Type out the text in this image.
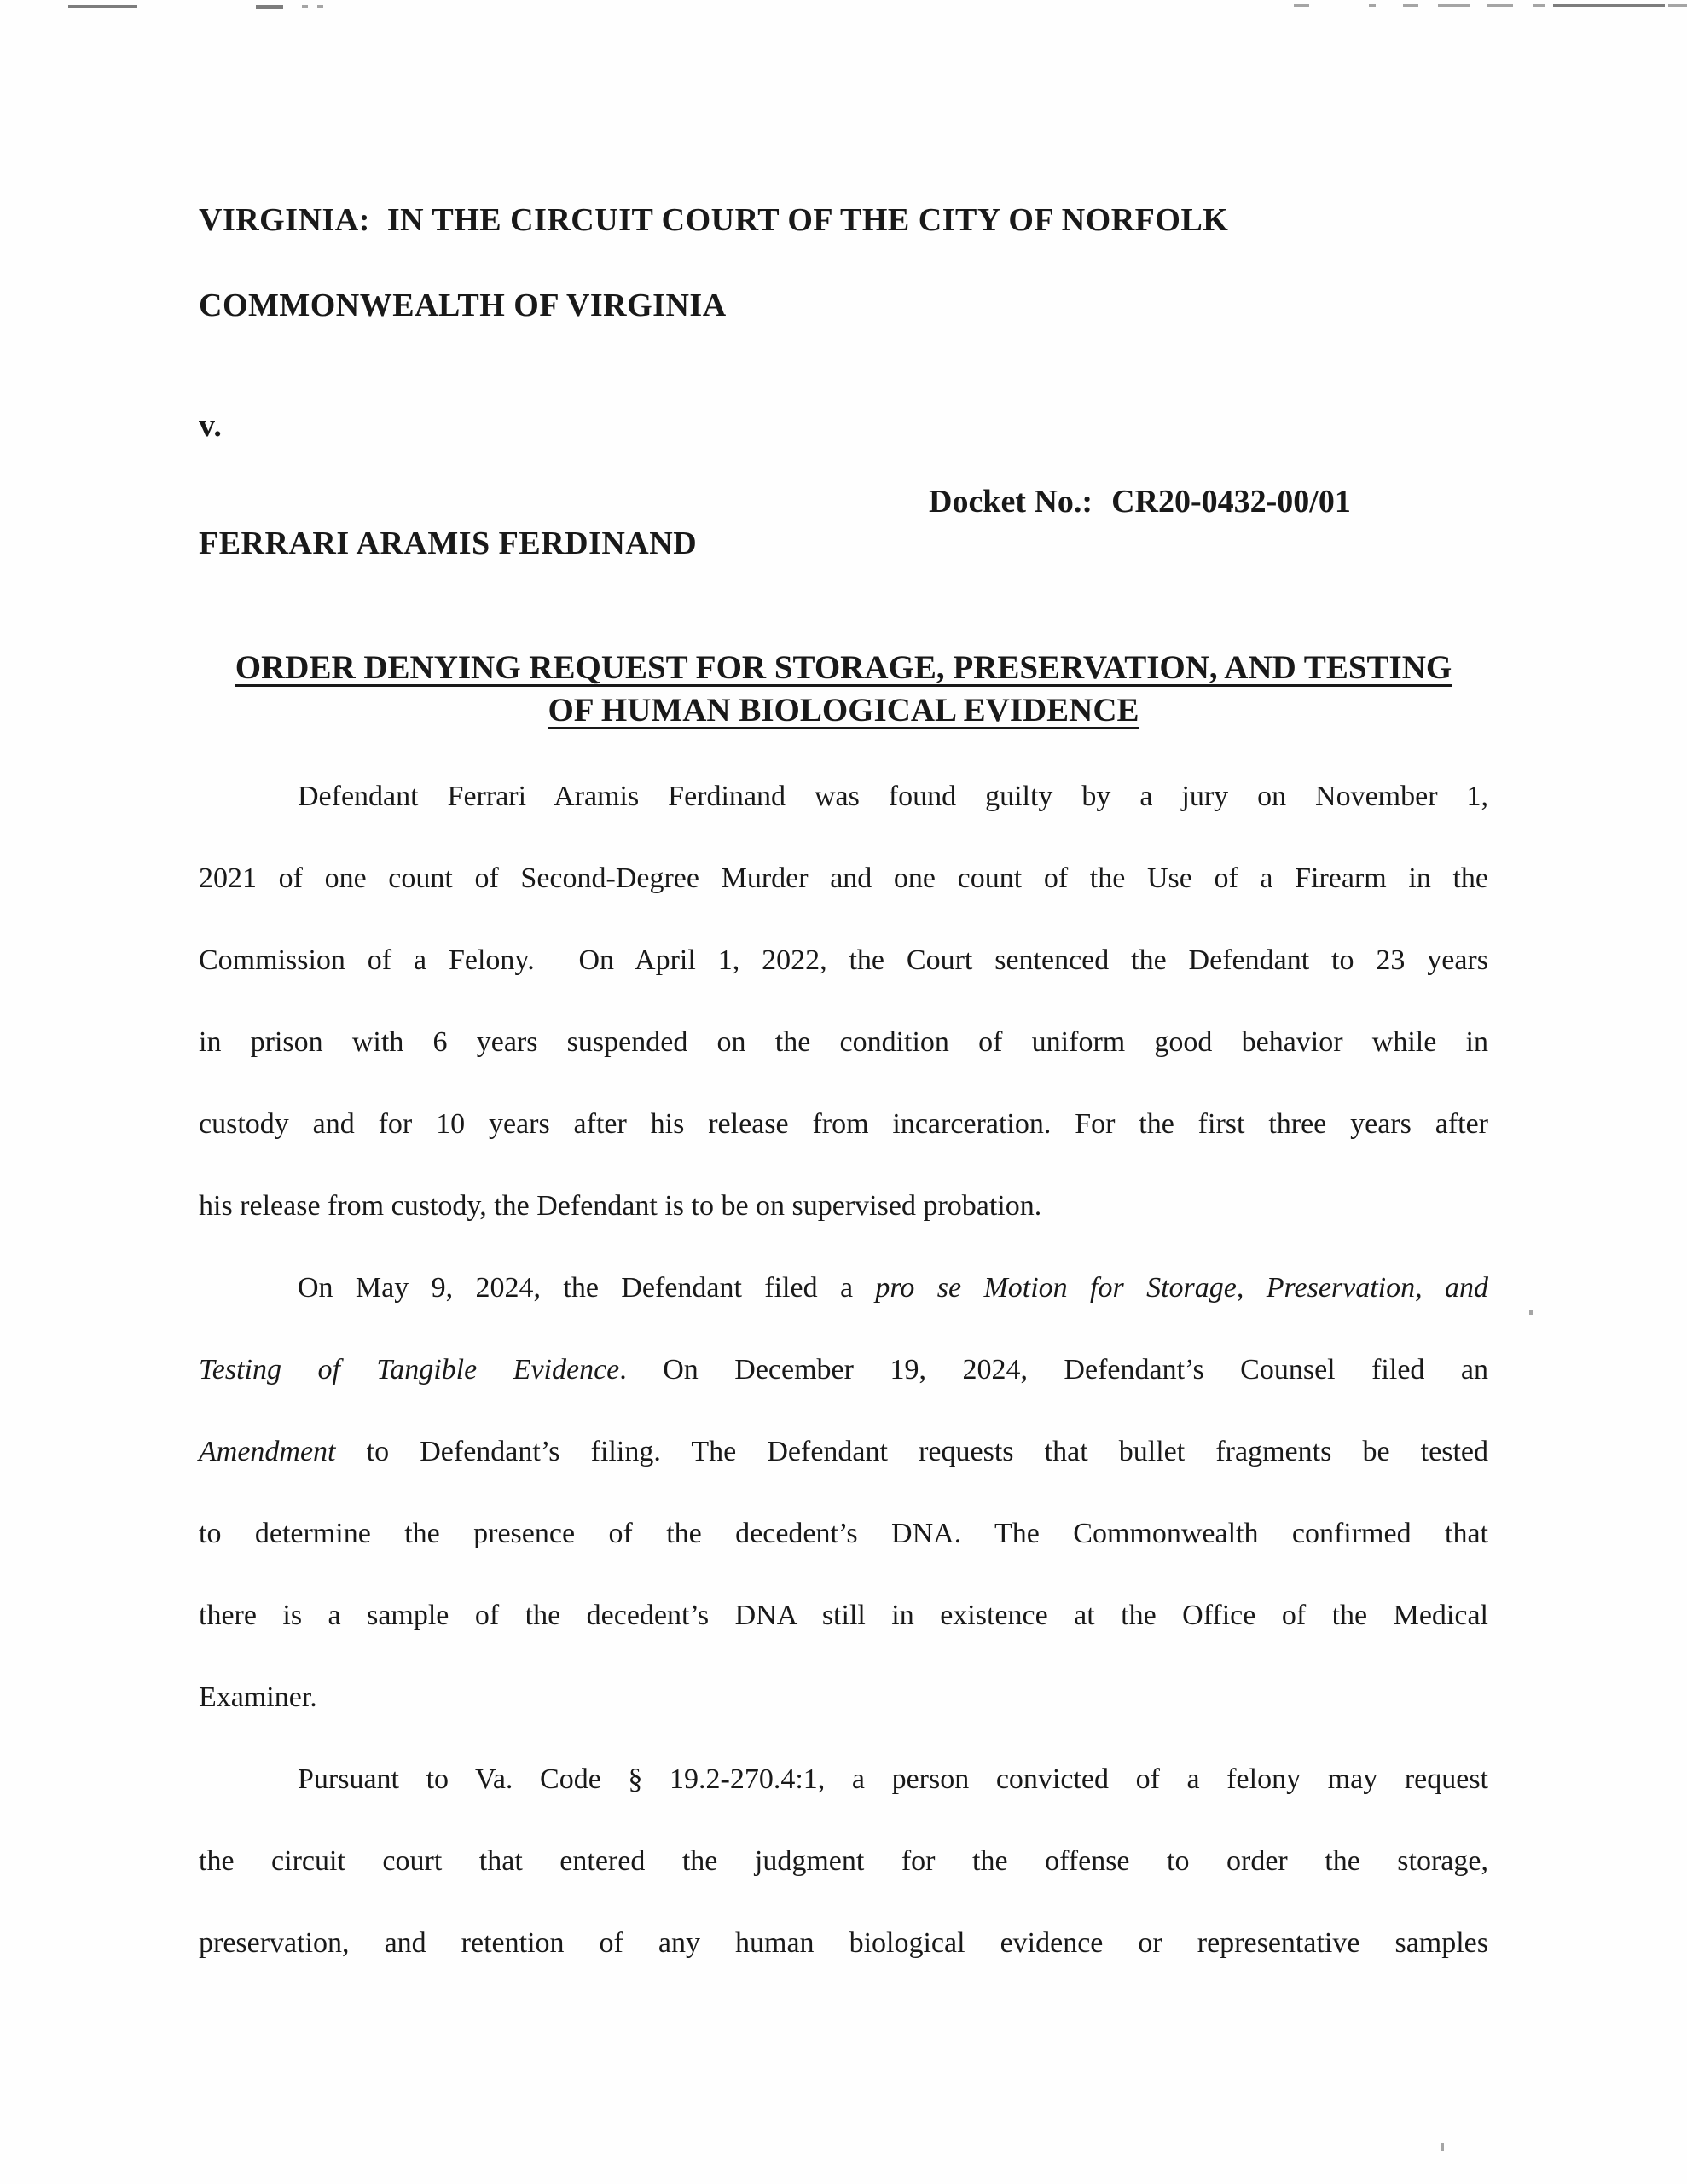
VIRGINIA:  IN THE CIRCUIT COURT OF THE CITY OF NORFOLK
COMMONWEALTH OF VIRGINIA
v.

Docket No.: CR20-0432-00/01

FERRARI ARAMIS FERDINAND
ORDER DENYING REQUEST FOR STORAGE, PRESERVATION, AND TESTING
OF HUMAN BIOLOGICAL EVIDENCE
Defendant Ferrari Aramis Ferdinand was found guilty by a jury on November 1,
2021 of one count of Second-Degree Murder and one count of the Use of a Firearm in the
Commission of a Felony.  On April 1, 2022, the Court sentenced the Defendant to 23 years
in prison with 6 years suspended on the condition of uniform good behavior while in
custody and for 10 years after his release from incarceration. For the first three years after
his release from custody, the Defendant is to be on supervised probation.
On May 9, 2024, the Defendant filed a pro se Motion for Storage, Preservation, and
Testing of Tangible Evidence. On December 19, 2024, Defendant’s Counsel filed an
Amendment to Defendant’s filing. The Defendant requests that bullet fragments be tested
to determine the presence of the decedent’s DNA. The Commonwealth confirmed that
there is a sample of the decedent’s DNA still in existence at the Office of the Medical
Examiner.
Pursuant to Va. Code § 19.2-270.4:1, a person convicted of a felony may request
the circuit court that entered the judgment for the offense to order the storage,
preservation, and retention of any human biological evidence or representative samples
